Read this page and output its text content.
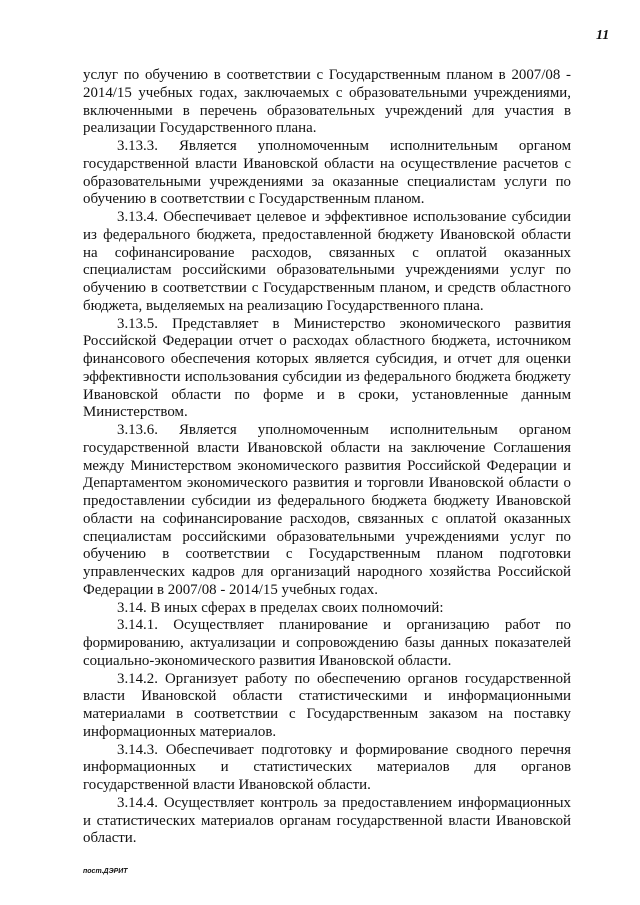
11

услуг по обучению в соответствии с Государственным планом в 2007/08 - 2014/15 учебных годах, заключаемых с образовательными учреждениями, включенными в перечень образовательных учреждений для участия в реализации Государственного плана.

3.13.3. Является уполномоченным исполнительным органом государственной власти Ивановской области на осуществление расчетов с образовательными учреждениями за оказанные специалистам услуги по обучению в соответствии с Государственным планом.

3.13.4. Обеспечивает целевое и эффективное использование субсидии из федерального бюджета, предоставленной бюджету Ивановской области на софинансирование расходов, связанных с оплатой оказанных специалистам российскими образовательными учреждениями услуг по обучению в соответствии с Государственным планом, и средств областного бюджета, выделяемых на реализацию Государственного плана.

3.13.5. Представляет в Министерство экономического развития Российской Федерации отчет о расходах областного бюджета, источником финансового обеспечения которых является субсидия, и отчет для оценки эффективности использования субсидии из федерального бюджета бюджету Ивановской области по форме и в сроки, установленные данным Министерством.

3.13.6. Является уполномоченным исполнительным органом государственной власти Ивановской области на заключение Соглашения между Министерством экономического развития Российской Федерации и Департаментом экономического развития и торговли Ивановской области о предоставлении субсидии из федерального бюджета бюджету Ивановской области на софинансирование расходов, связанных с оплатой оказанных специалистам российскими образовательными учреждениями услуг по обучению в соответствии с Государственным планом подготовки управленческих кадров для организаций народного хозяйства Российской Федерации в 2007/08 - 2014/15 учебных годах.

3.14. В иных сферах в пределах своих полномочий:

3.14.1. Осуществляет планирование и организацию работ по формированию, актуализации и сопровождению базы данных показателей социально-экономического развития Ивановской области.

3.14.2. Организует работу по обеспечению органов государственной власти Ивановской области статистическими и информационными материалами в соответствии с Государственным заказом на поставку информационных материалов.

3.14.3. Обеспечивает подготовку и формирование сводного перечня информационных и статистических материалов для органов государственной власти Ивановской области.

3.14.4. Осуществляет контроль за предоставлением информационных и статистических материалов органам государственной власти Ивановской области.

пост.ДЭРИТ
